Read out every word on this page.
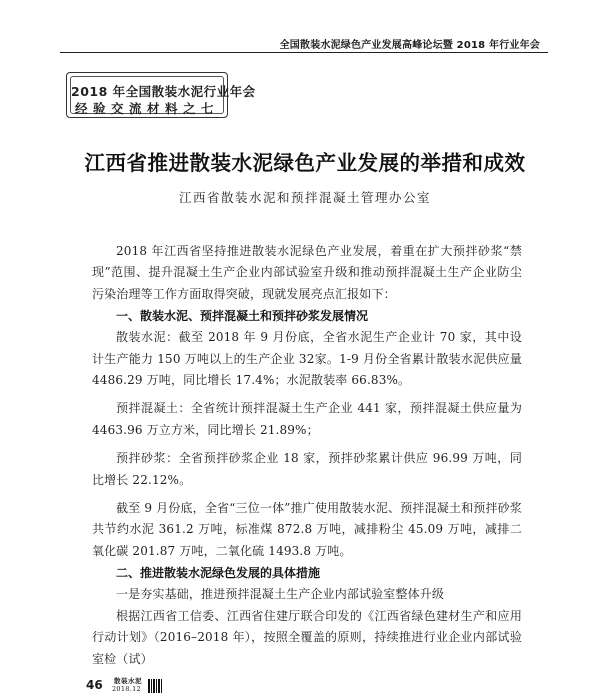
全国散装水泥绿色产业发展高峰论坛暨 2018 年行业年会
2018 年全国散装水泥行业年会
经验交流材料之七
江西省推进散装水泥绿色产业发展的举措和成效
江西省散装水泥和预拌混凝土管理办公室

2018 年江西省坚持推进散装水泥绿色产业发展，着重在扩大预拌砂浆“禁现”范围、提升混凝土生产企业内部试验室升级和推动预拌混凝土生产企业防尘污染治理等工作方面取得突破，现就发展亮点汇报如下：

一、散装水泥、预拌混凝土和预拌砂浆发展情况

散装水泥：截至 2018 年 9 月份底，全省水泥生产企业计 70 家，其中设计生产能力 150 万吨以上的生产企业 32家。1-9 月份全省累计散装水泥供应量 4486.29 万吨，同比增长 17.4%；水泥散装率 66.83%。

预拌混凝土：全省统计预拌混凝土生产企业 441 家，预拌混凝土供应量为 4463.96 万立方米，同比增长 21.89%；

预拌砂浆：全省预拌砂浆企业 18 家，预拌砂浆累计供应 96.99 万吨，同比增长 22.12%。

截至 9 月份底，全省“三位一体”推广使用散装水泥、预拌混凝土和预拌砂浆共节约水泥 361.2 万吨，标准煤 872.8 万吨，减排粉尘 45.09 万吨，减排二氧化碳 201.87 万吨，二氧化硫 1493.8 万吨。

二、推进散装水泥绿色发展的具体措施

一是夯实基础，推进预拌混凝土生产企业内部试验室整体升级

根据江西省工信委、江西省住建厅联合印发的《江西省绿色建材生产和应用行动计划》（2016–2018 年），按照全覆盖的原则，持续推进行业企业内部试验室检（试）

46 散装水泥
2018.12
